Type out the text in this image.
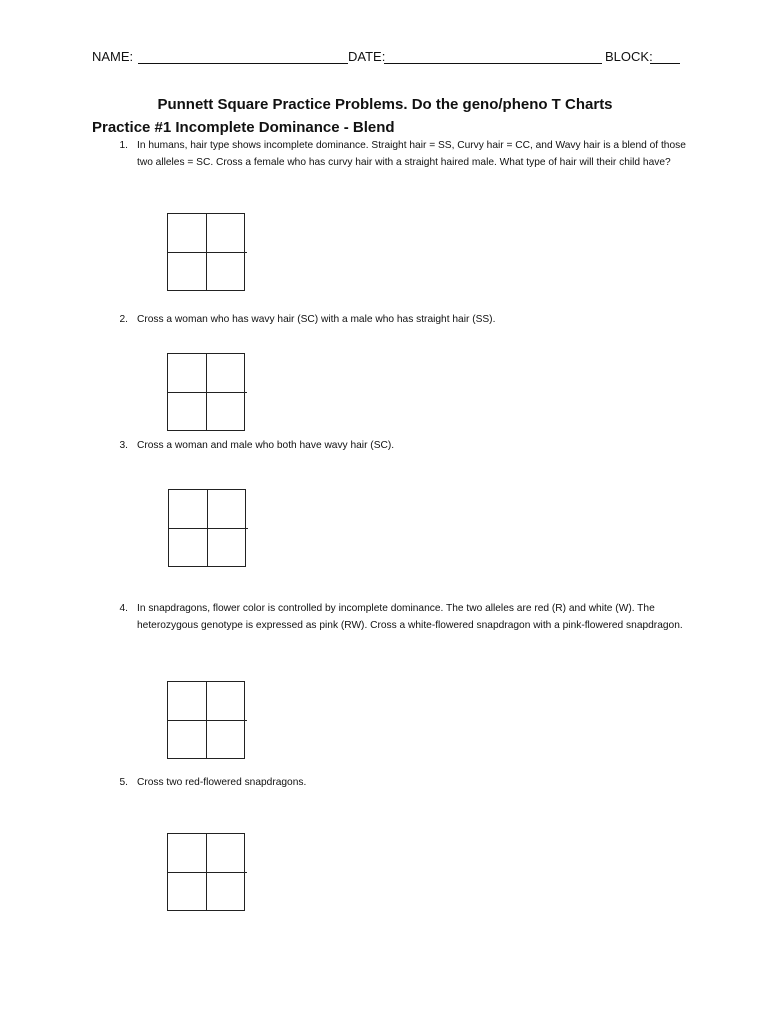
NAME:	DATE:	BLOCK:
Punnett Square Practice Problems. Do the geno/pheno T Charts
Practice #1 Incomplete Dominance - Blend
1. In humans, hair type shows incomplete dominance. Straight hair = SS, Curvy hair = CC, and Wavy hair is a blend of those two alleles = SC. Cross a female who has curvy hair with a straight haired male. What type of hair will their child have?
2. Cross a woman who has wavy hair (SC) with a male who has straight hair (SS).
3. Cross a woman and male who both have wavy hair (SC).
4. In snapdragons, flower color is controlled by incomplete dominance. The two alleles are red (R) and white (W). The heterozygous genotype is expressed as pink (RW). Cross a white-flowered snapdragon with a pink-flowered snapdragon.
5. Cross two red-flowered snapdragons.
